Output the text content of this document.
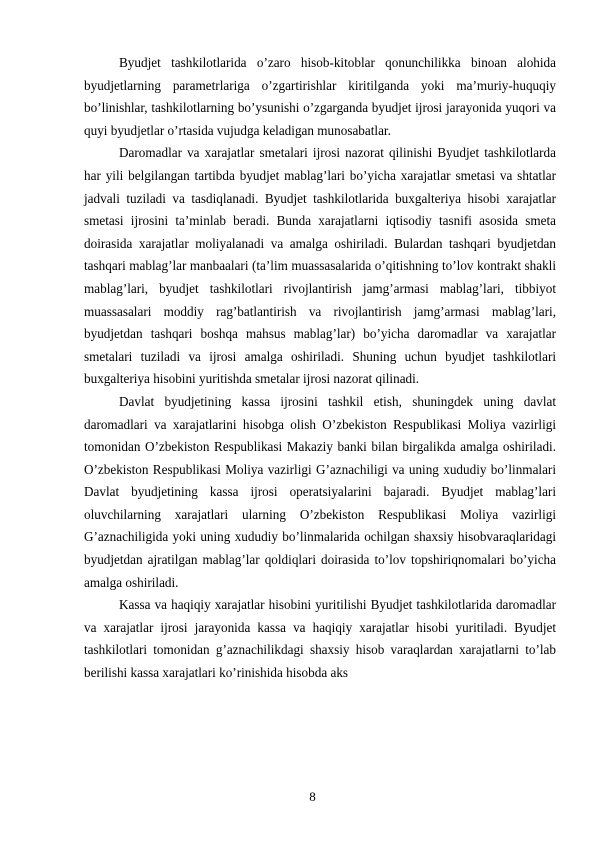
Byudjet tashkilotlarida o’zaro hisob-kitoblar qonunchilikka binoan alohida byudjetlarning parametrlariga o’zgartirishlar kiritilganda yoki ma’muriy-huquqiy bo’linishlar, tashkilotlarning bo’ysunishi o’zgarganda byudjet ijrosi jarayonida yuqori va quyi byudjetlar o’rtasida vujudga keladigan munosabatlar.

Daromadlar va xarajatlar smetalari ijrosi nazorat qilinishi Byudjet tashkilotlarda har yili belgilangan tartibda byudjet mablag’lari bo’yicha xarajatlar smetasi va shtatlar jadvali tuziladi va tasdiqlanadi. Byudjet tashkilotlarida buxgalteriya hisobi xarajatlar smetasi ijrosini ta’minlab beradi. Bunda xarajatlarni iqtisodiy tasnifi asosida smeta doirasida xarajatlar moliyalanadi va amalga oshiriladi. Bulardan tashqari byudjetdan tashqari mablag’lar manbaalari (ta’lim muassasalarida o’qitishning to’lov kontrakt shakli mablag’lari, byudjet tashkilotlari rivojlantirish jamg’armasi mablag’lari, tibbiyot muassasalari moddiy rag’batlantirish va rivojlantirish jamg’armasi mablag’lari, byudjetdan tashqari boshqa mahsus mablag’lar) bo’yicha daromadlar va xarajatlar smetalari tuziladi va ijrosi amalga oshiriladi. Shuning uchun byudjet tashkilotlari buxgalteriya hisobini yuritishda smetalar ijrosi nazorat qilinadi.

Davlat byudjetining kassa ijrosini tashkil etish, shuningdek uning davlat daromadlari va xarajatlarini hisobga olish O’zbekiston Respublikasi Moliya vazirligi tomonidan O’zbekiston Respublikasi Makaziy banki bilan birgalikda amalga oshiriladi. O’zbekiston Respublikasi Moliya vazirligi G’aznachiligi va uning xududiy bo’linmalari Davlat byudjetining kassa ijrosi operatsiyalarini bajaradi. Byudjet mablag’lari oluvchilarning xarajatlari ularning O’zbekiston Respublikasi Moliya vazirligi G’aznachiligida yoki uning xududiy bo’linmalarida ochilgan shaxsiy hisobvaraqlaridagi byudjetdan ajratilgan mablag’lar qoldiqlari doirasida to’lov topshiriqnomalari bo’yicha amalga oshiriladi.

Kassa va haqiqiy xarajatlar hisobini yuritilishi Byudjet tashkilotlarida daromadlar va xarajatlar ijrosi jarayonida kassa va haqiqiy xarajatlar hisobi yuritiladi. Byudjet tashkilotlari tomonidan g’aznachilikdagi shaxsiy hisob varaqlardan xarajatlarni to’lab berilishi kassa xarajatlari ko’rinishida hisobda aks

8
